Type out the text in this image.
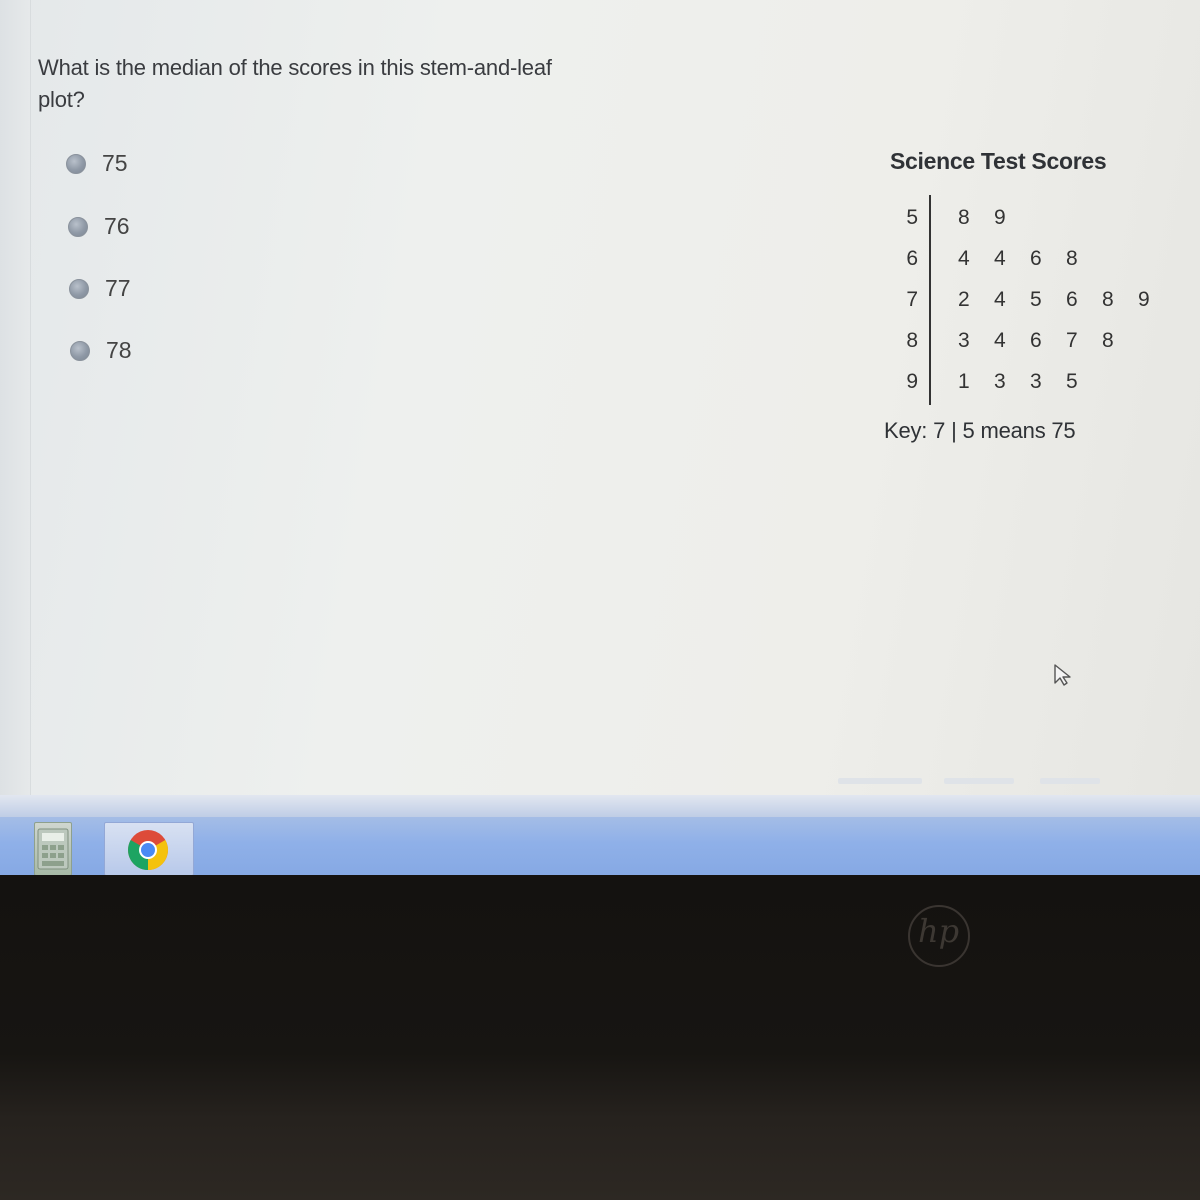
What is the median of the scores in this stem-and-leaf
plot?
75
76
77
78
Science Test Scores
5 8 9
6 4 4 6 8
7 2 4 5 6 8 9
8 3 4 6 7 8
9 1 3 3 5
Key: 7 | 5 means 75
hp
